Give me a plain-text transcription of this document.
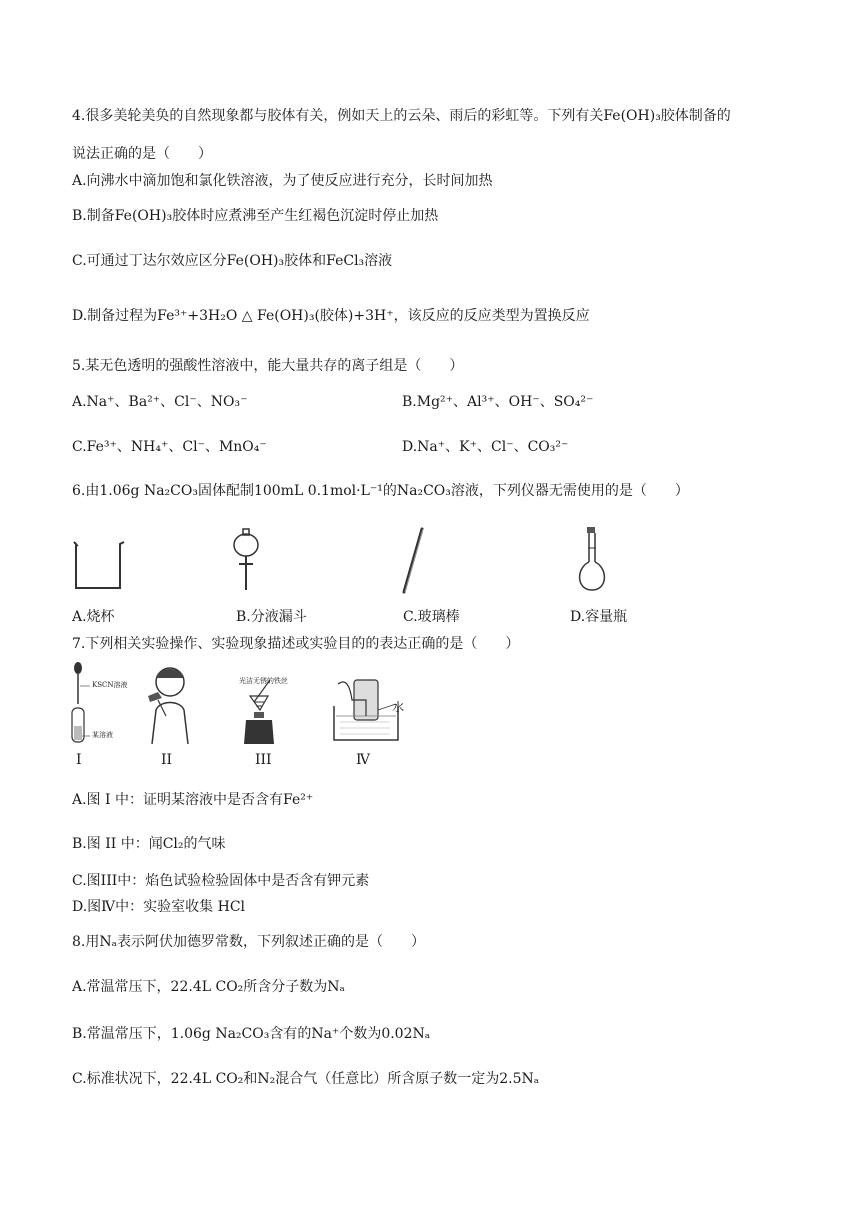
4.很多美轮美奂的自然现象都与胶体有关，例如天上的云朵、雨后的彩虹等。下列有关Fe(OH)₃胶体制备的
说法正确的是（　　）
A.向沸水中滴加饱和氯化铁溶液，为了使反应进行充分，长时间加热
B.制备Fe(OH)₃胶体时应煮沸至产生红褐色沉淀时停止加热
C.可通过丁达尔效应区分Fe(OH)₃胶体和FeCl₃溶液
D.制备过程为Fe³⁺+3H₂O △ Fe(OH)₃(胶体)+3H⁺，该反应的反应类型为置换反应
5.某无色透明的强酸性溶液中，能大量共存的离子组是（　　）
A.Na⁺、Ba²⁺、Cl⁻、NO₃⁻	B.Mg²⁺、Al³⁺、OH⁻、SO₄²⁻
C.Fe³⁺、NH₄⁺、Cl⁻、MnO₄⁻	D.Na⁺、K⁺、Cl⁻、CO₃²⁻
6.由1.06g Na₂CO₃固体配制100mL 0.1mol·L⁻¹的Na₂CO₃溶液，下列仪器无需使用的是（　　）
A.烧杯	B.分液漏斗	C.玻璃棒	D.容量瓶
7.下列相关实验操作、实验现象描述或实验目的的表达正确的是（　　）
KSCN溶液
某溶液
光洁无锈的铁丝
水
I	II	III	Ⅳ
A.图 I 中：证明某溶液中是否含有Fe²⁺
B.图 II 中：闻Cl₂的气味
C.图III中：焰色试验检验固体中是否含有钾元素
D.图Ⅳ中：实验室收集 HCl
8.用Nₐ表示阿伏加德罗常数，下列叙述正确的是（　　）
A.常温常压下，22.4L CO₂所含分子数为Nₐ
B.常温常压下，1.06g Na₂CO₃含有的Na⁺个数为0.02Nₐ
C.标准状况下，22.4L CO₂和N₂混合气（任意比）所含原子数一定为2.5Nₐ
